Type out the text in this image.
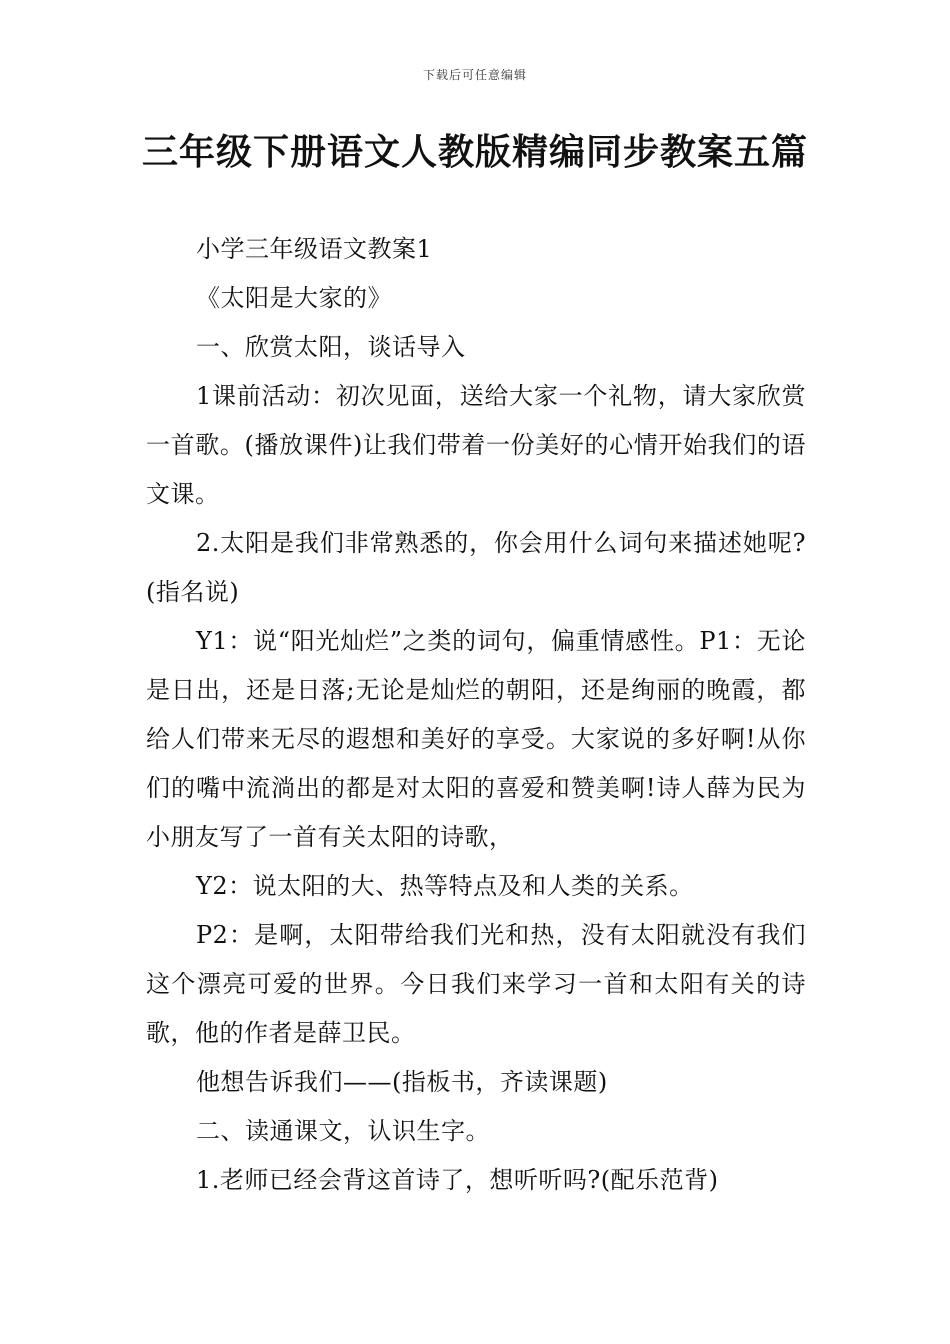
下载后可任意编辑
三年级下册语文人教版精编同步教案五篇

小学三年级语文教案1

《太阳是大家的》

一、欣赏太阳，谈话导入

1课前活动：初次见面，送给大家一个礼物，请大家欣赏一首歌。(播放课件)让我们带着一份美好的心情开始我们的语文课。

2.太阳是我们非常熟悉的，你会用什么词句来描述她呢?(指名说)

Y1：说“阳光灿烂”之类的词句，偏重情感性。P1：无论是日出，还是日落;无论是灿烂的朝阳，还是绚丽的晚霞，都给人们带来无尽的遐想和美好的享受。大家说的多好啊!从你们的嘴中流淌出的都是对太阳的喜爱和赞美啊!诗人薛为民为小朋友写了一首有关太阳的诗歌，

Y2：说太阳的大、热等特点及和人类的关系。

P2：是啊，太阳带给我们光和热，没有太阳就没有我们这个漂亮可爱的世界。今日我们来学习一首和太阳有关的诗歌，他的作者是薛卫民。

他想告诉我们——(指板书，齐读课题)

二、读通课文，认识生字。

1.老师已经会背这首诗了，想听听吗?(配乐范背)
